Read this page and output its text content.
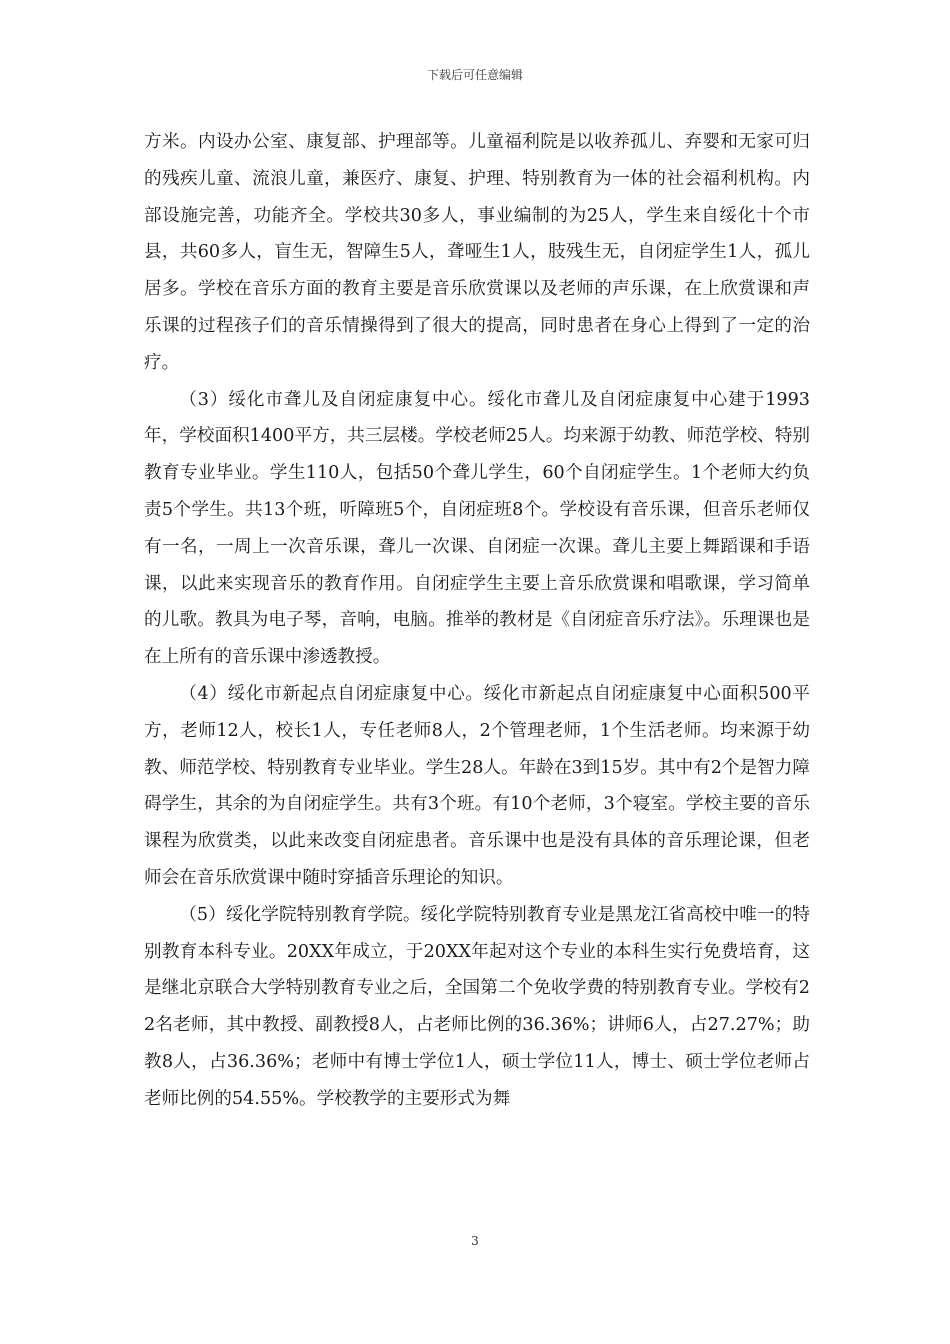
下载后可任意编辑

方米。内设办公室、康复部、护理部等。儿童福利院是以收养孤儿、弃婴和无家可归的残疾儿童、流浪儿童，兼医疗、康复、护理、特别教育为一体的社会福利机构。内部设施完善，功能齐全。学校共30多人，事业编制的为25人，学生来自绥化十个市县，共60多人，盲生无，智障生5人，聋哑生1人，肢残生无，自闭症学生1人，孤儿居多。学校在音乐方面的教育主要是音乐欣赏课以及老师的声乐课，在上欣赏课和声乐课的过程孩子们的音乐情操得到了很大的提高，同时患者在身心上得到了一定的治疗。

（3）绥化市聋儿及自闭症康复中心。绥化市聋儿及自闭症康复中心建于1993年，学校面积1400平方，共三层楼。学校老师25人。均来源于幼教、师范学校、特别教育专业毕业。学生110人，包括50个聋儿学生，60个自闭症学生。1个老师大约负责5个学生。共13个班，听障班5个，自闭症班8个。学校设有音乐课，但音乐老师仅有一名，一周上一次音乐课，聋儿一次课、自闭症一次课。聋儿主要上舞蹈课和手语课，以此来实现音乐的教育作用。自闭症学生主要上音乐欣赏课和唱歌课，学习简单的儿歌。教具为电子琴，音响，电脑。推举的教材是《自闭症音乐疗法》。乐理课也是在上所有的音乐课中渗透教授。

（4）绥化市新起点自闭症康复中心。绥化市新起点自闭症康复中心面积500平方，老师12人，校长1人，专任老师8人，2个管理老师，1个生活老师。均来源于幼教、师范学校、特别教育专业毕业。学生28人。年龄在3到15岁。其中有2个是智力障碍学生，其余的为自闭症学生。共有3个班。有10个老师，3个寝室。学校主要的音乐课程为欣赏类，以此来改变自闭症患者。音乐课中也是没有具体的音乐理论课，但老师会在音乐欣赏课中随时穿插音乐理论的知识。

（5）绥化学院特别教育学院。绥化学院特别教育专业是黑龙江省高校中唯一的特别教育本科专业。20XX年成立，于20XX年起对这个专业的本科生实行免费培育，这是继北京联合大学特别教育专业之后，全国第二个免收学费的特别教育专业。学校有22名老师，其中教授、副教授8人，占老师比例的36.36%；讲师6人，占27.27%；助教8人，占36.36%；老师中有博士学位1人，硕士学位11人，博士、硕士学位老师占老师比例的54.55%。学校教学的主要形式为舞

3
